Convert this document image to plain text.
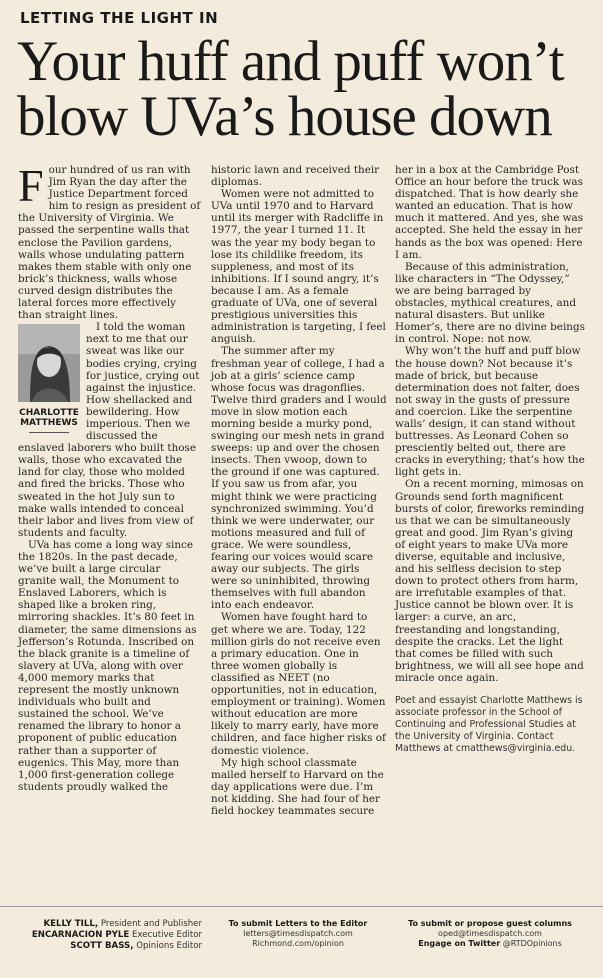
LETTING THE LIGHT IN
Your huff and puff won’t blow UVa’s house down

Four hundred of us ran with Jim Ryan the day after the Justice Department forced him to resign as president of the University of Virginia. We passed the serpentine walls that enclose the Pavilion gardens, walls whose undulating pattern makes them stable with only one brick’s thickness, walls whose curved design distributes the lateral forces more effectively than straight lines.

CHARLOTTE
MATTHEWS

I told the woman next to me that our sweat was like our bodies crying, crying for justice, crying out against the injustice. How shellacked and bewildering. How imperious. Then we discussed the enslaved laborers who built those walls, those who excavated the land for clay, those who molded and fired the bricks. Those who sweated in the hot July sun to make walls intended to conceal their labor and lives from view of students and faculty.

UVa has come a long way since the 1820s. In the past decade, we’ve built a large circular granite wall, the Monument to Enslaved Laborers, which is shaped like a broken ring, mirroring shackles. It’s 80 feet in diameter, the same dimensions as Jefferson’s Rotunda. Inscribed on the black granite is a timeline of slavery at UVa, along with over 4,000 memory marks that represent the mostly unknown individuals who built and sustained the school. We’ve renamed the library to honor a proponent of public education rather than a supporter of eugenics. This May, more than 1,000 first-generation college students proudly walked the

historic lawn and received their diplomas.

Women were not admitted to UVa until 1970 and to Harvard until its merger with Radcliffe in 1977, the year I turned 11. It was the year my body began to lose its childlike freedom, its suppleness, and most of its inhibitions. If I sound angry, it’s because I am. As a female graduate of UVa, one of several prestigious universities this administration is targeting, I feel anguish.

The summer after my freshman year of college, I had a job at a girls’ science camp whose focus was dragonflies. Twelve third graders and I would move in slow motion each morning beside a murky pond, swinging our mesh nets in grand sweeps: up and over the chosen insects. Then vwoop, down to the ground if one was captured. If you saw us from afar, you might think we were practicing synchronized swimming. You’d think we were underwater, our motions measured and full of grace. We were soundless, fearing our voices would scare away our subjects. The girls were so uninhibited, throwing themselves with full abandon into each endeavor.

Women have fought hard to get where we are. Today, 122 million girls do not receive even a primary education. One in three women globally is classified as NEET (no opportunities, not in education, employment or training). Women without education are more likely to marry early, have more children, and face higher risks of domestic violence.

My high school classmate mailed herself to Harvard on the day applications were due. I’m not kidding. She had four of her field hockey teammates secure

her in a box at the Cambridge Post Office an hour before the truck was dispatched. That is how dearly she wanted an education. That is how much it mattered. And yes, she was accepted. She held the essay in her hands as the box was opened: Here I am.

Because of this administration, like characters in “The Odyssey,” we are being barraged by obstacles, mythical creatures, and natural disasters. But unlike Homer’s, there are no divine beings in control. Nope: not now.

Why won’t the huff and puff blow the house down? Not because it’s made of brick, but because determination does not falter, does not sway in the gusts of pressure and coercion. Like the serpentine walls’ design, it can stand without buttresses. As Leonard Cohen so presciently belted out, there are cracks in everything; that’s how the light gets in.

On a recent morning, mimosas on Grounds send forth magnificent bursts of color, fireworks reminding us that we can be simultaneously great and good. Jim Ryan’s giving of eight years to make UVa more diverse, equitable and inclusive, and his selfless decision to step down to protect others from harm, are irrefutable examples of that. Justice cannot be blown over. It is larger: a curve, an arc, freestanding and longstanding, despite the cracks. Let the light that comes be filled with such brightness, we will all see hope and miracle once again.

Poet and essayist Charlotte Matthews is associate professor in the School of Continuing and Professional Studies at the University of Virginia. Contact Matthews at cmatthews@virginia.edu.

KELLY TILL, President and Publisher
ENCARNACION PYLE Executive Editor
SCOTT BASS, Opinions Editor
To submit Letters to the Editor
letters@timesdispatch.com
Richmond.com/opinion
To submit or propose guest columns
oped@timesdispatch.com
Engage on Twitter @RTDOpinions
